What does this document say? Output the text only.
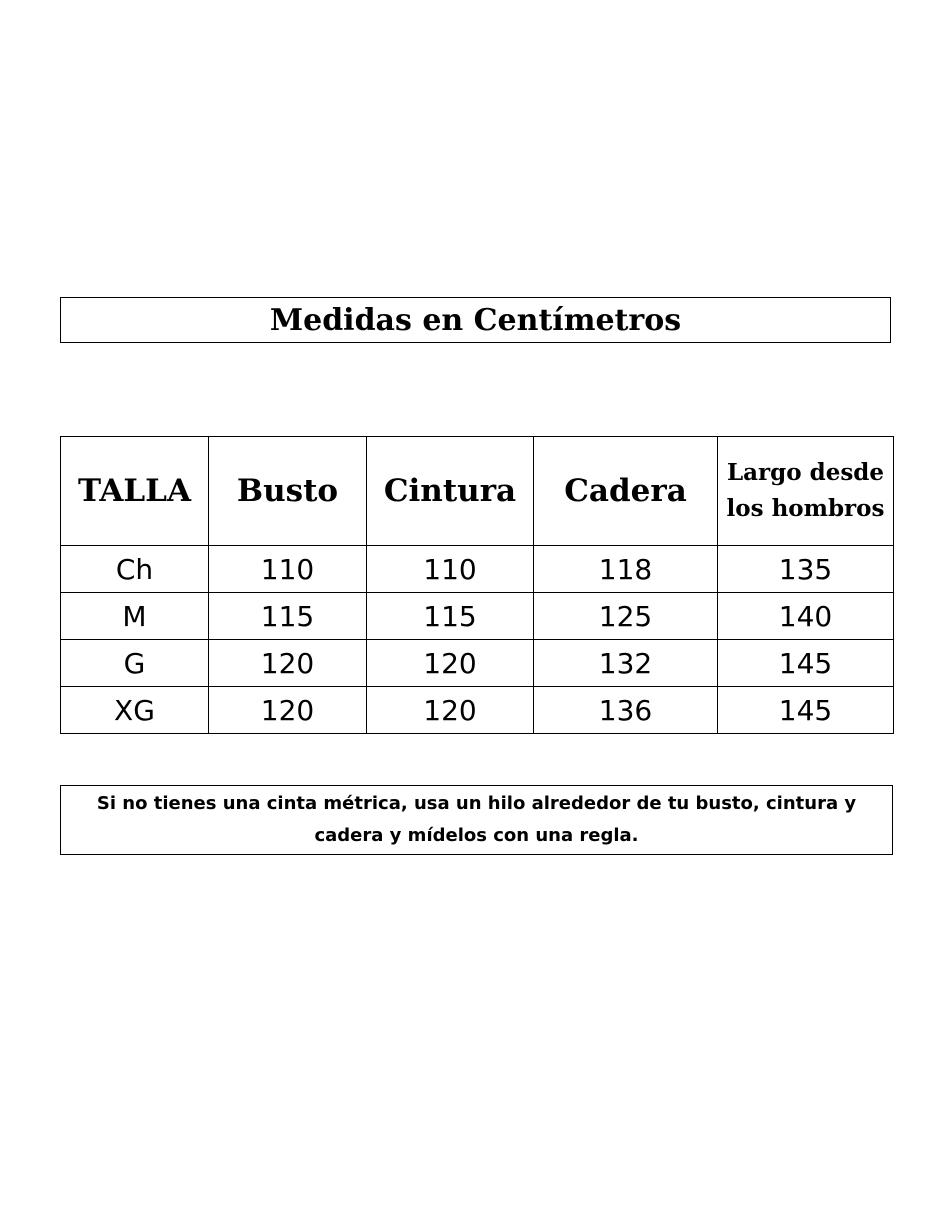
Medidas en Centímetros
TALLA	Busto	Cintura	Cadera	Largo desde los hombros
Ch	110	110	118	135
M	115	115	125	140
G	120	120	132	145
XG	120	120	136	145
Si no tienes una cinta métrica, usa un hilo alrededor de tu busto, cintura y cadera y mídelos con una regla.
